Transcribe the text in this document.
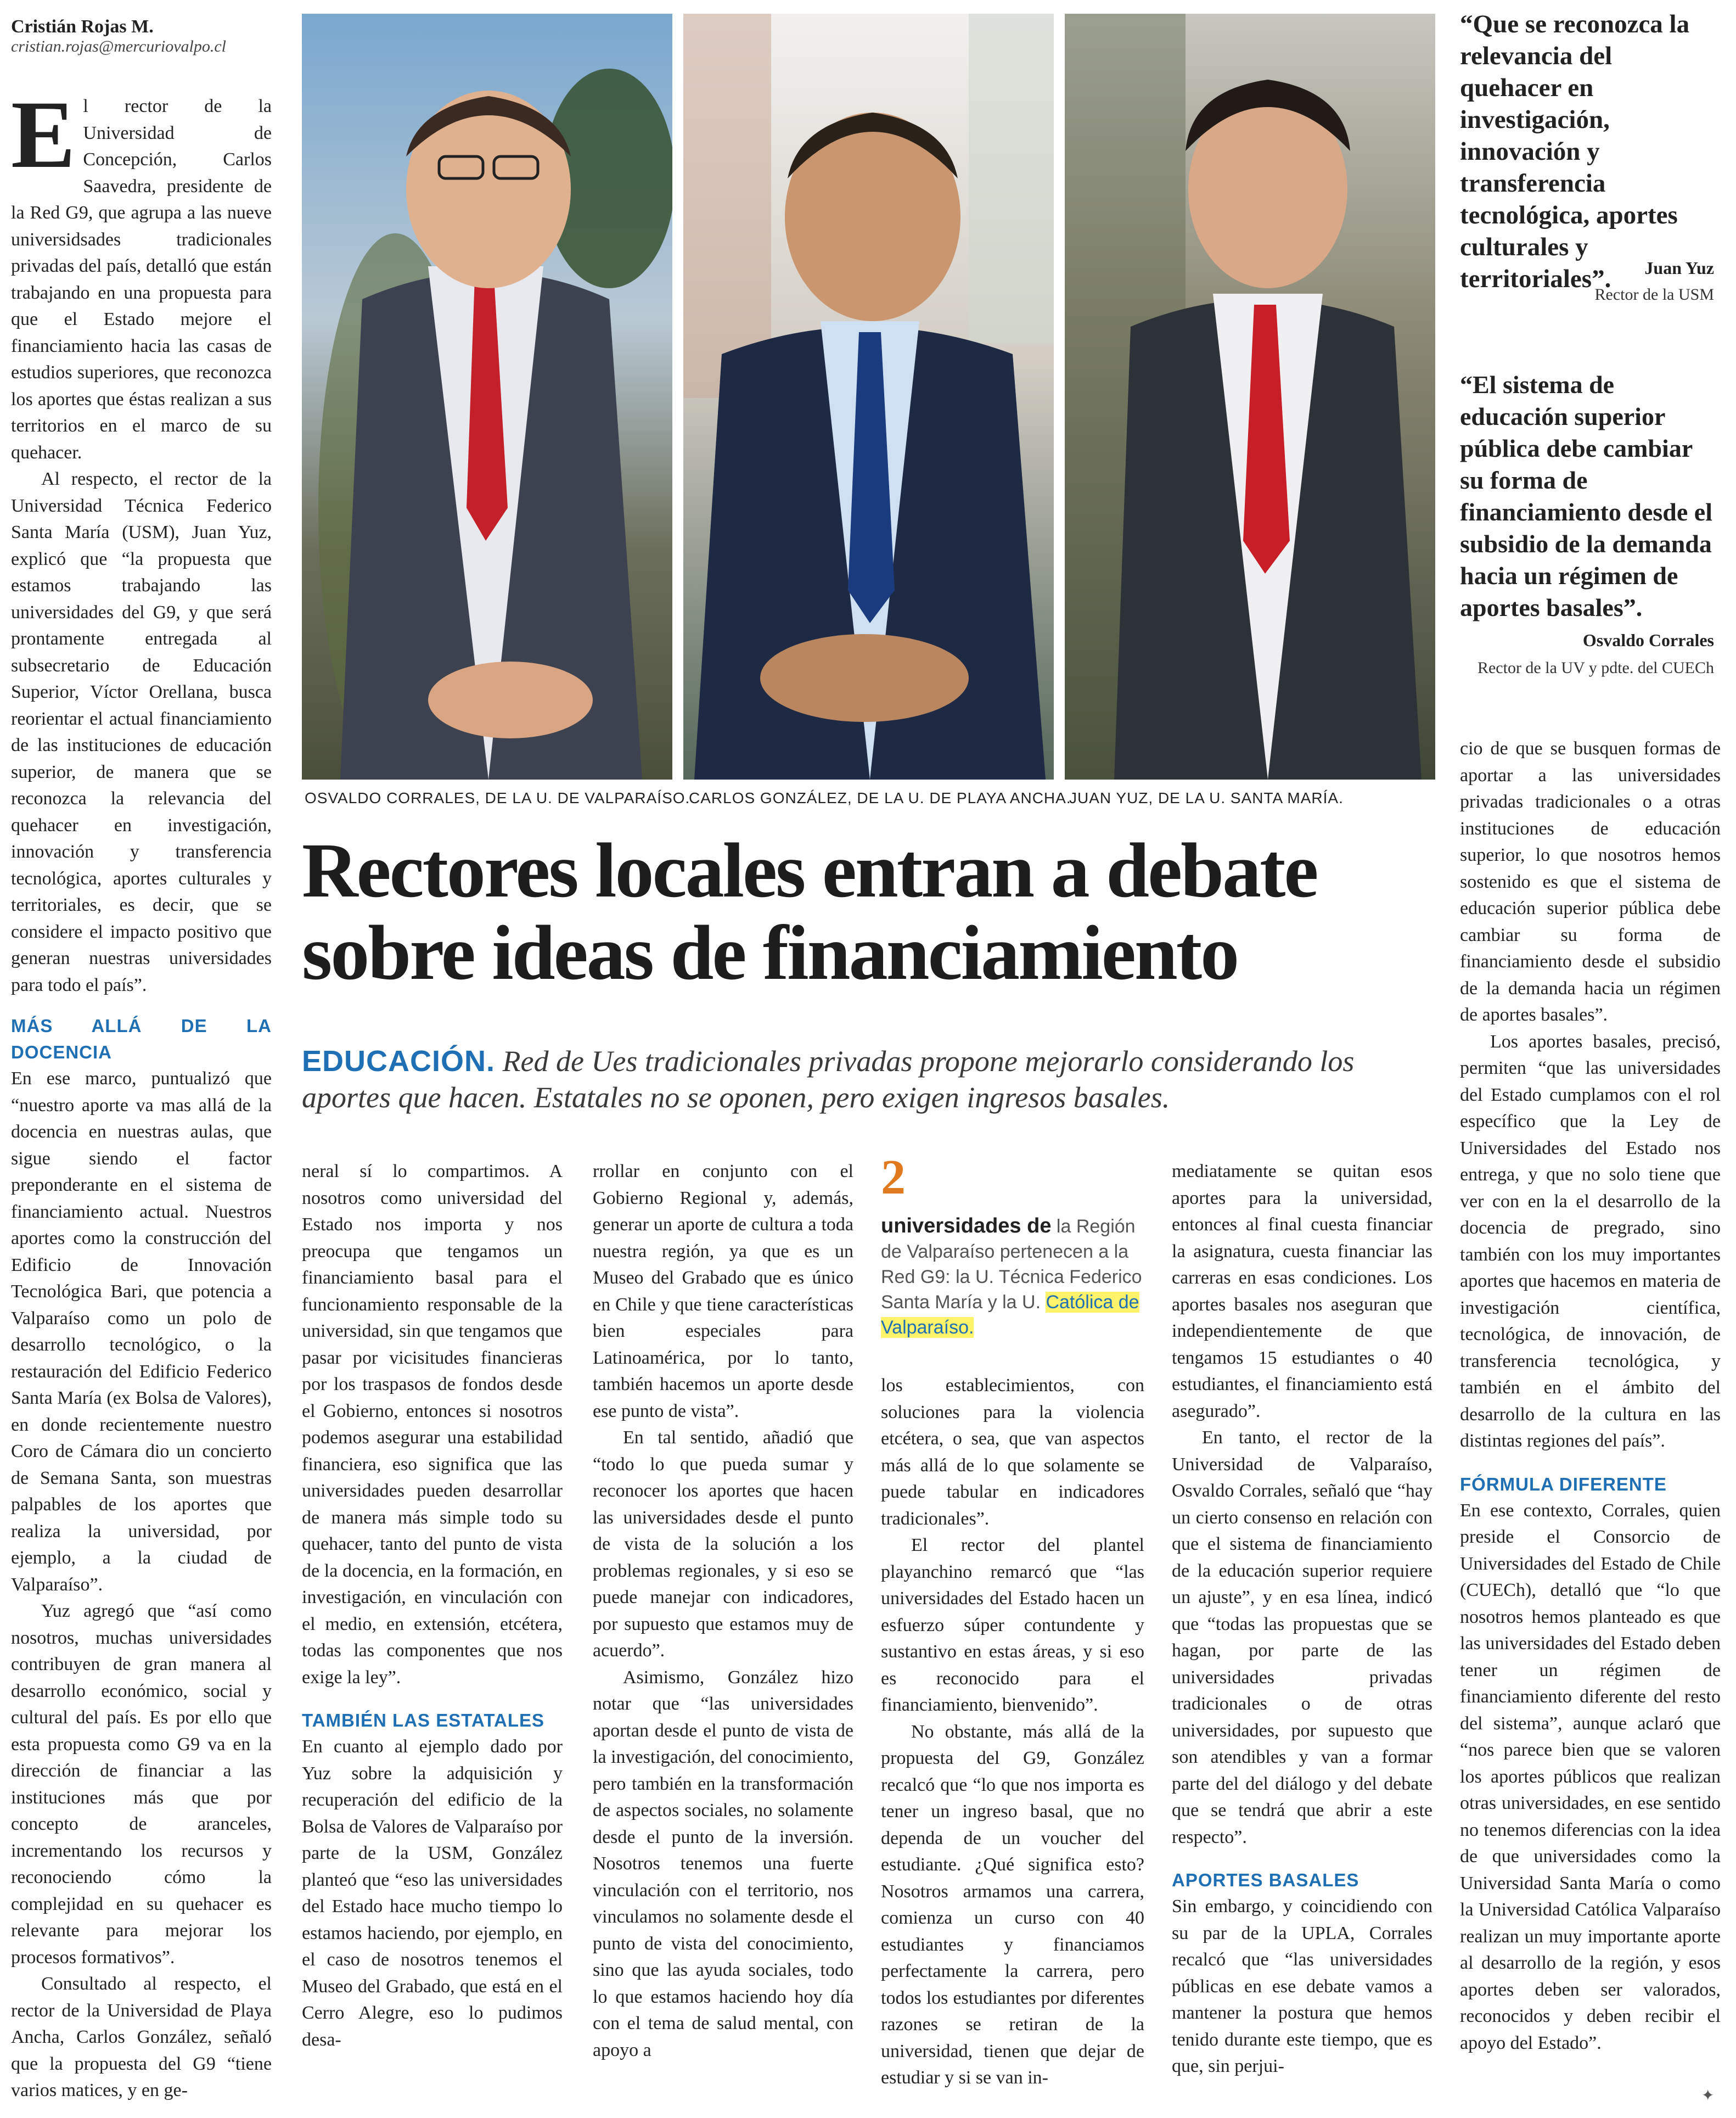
Cristián Rojas M.
cristian.rojas@mercuriovalpo.cl

El rector de la Universidad de Concepción, Carlos Saavedra, presidente de la Red G9, que agrupa a las nueve universidsades tradicionales privadas del país, detalló que están trabajando en una propuesta para que el Estado mejore el financiamiento hacia las casas de estudios superiores, que reconozca los aportes que éstas realizan a sus territorios en el marco de su quehacer.

Al respecto, el rector de la Universidad Técnica Federico Santa María (USM), Juan Yuz, explicó que “la propuesta que estamos trabajando las universidades del G9, y que será prontamente entregada al subsecretario de Educación Superior, Víctor Orellana, busca reorientar el actual financiamiento de las instituciones de educación superior, de manera que se reconozca la relevancia del quehacer en investigación, innovación y transferencia tecnológica, aportes culturales y territoriales, es decir, que se considere el impacto positivo que generan nuestras universidades para todo el país”.

MÁS ALLÁ DE LA DOCENCIA

En ese marco, puntualizó que “nuestro aporte va mas allá de la docencia en nuestras aulas, que sigue siendo el factor preponderante en el sistema de financiamiento actual. Nuestros aportes como la construcción del Edificio de Innovación Tecnológica Bari, que potencia a Valparaíso como un polo de desarrollo tecnológico, o la restauración del Edificio Federico Santa María (ex Bolsa de Valores), en donde recientemente nuestro Coro de Cámara dio un concierto de Semana Santa, son muestras palpables de los aportes que realiza la universidad, por ejemplo, a la ciudad de Valparaíso”.

Yuz agregó que “así como nosotros, muchas universidades contribuyen de gran manera al desarrollo económico, social y cultural del país. Es por ello que esta propuesta como G9 va en la dirección de financiar a las instituciones más que por concepto de aranceles, incrementando los recursos y reconociendo cómo la complejidad en su quehacer es relevante para mejorar los procesos formativos”.

Consultado al respecto, el rector de la Universidad de Playa Ancha, Carlos González, señaló que la propuesta del G9 “tiene varios matices, y en ge-

OSVALDO CORRALES, DE LA U. DE VALPARAÍSO.
CARLOS GONZÁLEZ, DE LA U. DE PLAYA ANCHA.
JUAN YUZ, DE LA U. SANTA MARÍA.
“Que se reconozca la relevancia del quehacer en investigación, innovación y transferencia tecnológica, aportes culturales y territoriales”.	Juan Yuz
Rector de la USM
“El sistema de educación superior pública debe cambiar su forma de financiamiento desde el subsidio de la demanda hacia un régimen de aportes basales”.
Osvaldo Corrales
Rector de la UV y pdte. del CUECh
Rectores locales entran a debate sobre ideas de financiamiento
EDUCACIÓN. Red de Ues tradicionales privadas propone mejorarlo considerando los aportes que hacen. Estatales no se oponen, pero exigen ingresos basales.

neral sí lo compartimos. A nosotros como universidad del Estado nos importa y nos preocupa que tengamos un financiamiento basal para el funcionamiento responsable de la universidad, sin que tengamos que pasar por vicisitudes financieras por los traspasos de fondos desde el Gobierno, entonces si nosotros podemos asegurar una estabilidad financiera, eso significa que las universidades pueden desarrollar de manera más simple todo su quehacer, tanto del punto de vista de la docencia, en la formación, en investigación, en vinculación con el medio, en extensión, etcétera, todas las componentes que nos exige la ley”.

TAMBIÉN LAS ESTATALES

En cuanto al ejemplo dado por Yuz sobre la adquisición y recuperación del edificio de la Bolsa de Valores de Valparaíso por parte de la USM, González planteó que “eso las universidades del Estado hace mucho tiempo lo estamos haciendo, por ejemplo, en el caso de nosotros tenemos el Museo del Grabado, que está en el Cerro Alegre, eso lo pudimos desa-

rrollar en conjunto con el Gobierno Regional y, además, generar un aporte de cultura a toda nuestra región, ya que es un Museo del Grabado que es único en Chile y que tiene características bien especiales para Latinoamérica, por lo tanto, también hacemos un aporte desde ese punto de vista”.

En tal sentido, añadió que “todo lo que pueda sumar y reconocer los aportes que hacen las universidades desde el punto de vista de la solución a los problemas regionales, y si eso se puede manejar con indicadores, por supuesto que estamos muy de acuerdo”.

Asimismo, González hizo notar que “las universidades aportan desde el punto de vista de la investigación, del conocimiento, pero también en la transformación de aspectos sociales, no solamente desde el punto de la inversión. Nosotros tenemos una fuerte vinculación con el territorio, nos vinculamos no solamente desde el punto de vista del conocimiento, sino que las ayuda sociales, todo lo que estamos haciendo hoy día con el tema de salud mental, con apoyo a

2
universidades de la Región de Valparaíso pertenecen a la Red G9: la U. Técnica Federico Santa María y la U. Católica de Valparaíso.

los establecimientos, con soluciones para la violencia etcétera, o sea, que van aspectos más allá de lo que solamente se puede tabular en indicadores tradicionales”.

El rector del plantel playanchino remarcó que “las universidades del Estado hacen un esfuerzo súper contundente y sustantivo en estas áreas, y si eso es reconocido para el financiamiento, bienvenido”.

No obstante, más allá de la propuesta del G9, González recalcó que “lo que nos importa es tener un ingreso basal, que no dependa de un voucher del estudiante. ¿Qué significa esto? Nosotros armamos una carrera, comienza un curso con 40 estudiantes y financiamos perfectamente la carrera, pero todos los estudiantes por diferentes razones se retiran de la universidad, tienen que dejar de estudiar y si se van in-

mediatamente se quitan esos aportes para la universidad, entonces al final cuesta financiar la asignatura, cuesta financiar las carreras en esas condiciones. Los aportes basales nos aseguran que independientemente de que tengamos 15 estudiantes o 40 estudiantes, el financiamiento está asegurado”.

En tanto, el rector de la Universidad de Valparaíso, Osvaldo Corrales, señaló que “hay un cierto consenso en relación con que el sistema de financiamiento de la educación superior requiere un ajuste”, y en esa línea, indicó que “todas las propuestas que se hagan, por parte de las universidades privadas tradicionales o de otras universidades, por supuesto que son atendibles y van a formar parte del del diálogo y del debate que se tendrá que abrir a este respecto”.

APORTES BASALES

Sin embargo, y coincidiendo con su par de la UPLA, Corrales recalcó que “las universidades públicas en ese debate vamos a mantener la postura que hemos tenido durante este tiempo, que es que, sin perjui-

cio de que se busquen formas de aportar a las universidades privadas tradicionales o a otras instituciones de educación superior, lo que nosotros hemos sostenido es que el sistema de educación superior pública debe cambiar su forma de financiamiento desde el subsidio de la demanda hacia un régimen de aportes basales”.

Los aportes basales, precisó, permiten “que las universidades del Estado cumplamos con el rol específico que la Ley de Universidades del Estado nos entrega, y que no solo tiene que ver con en la el desarrollo de la docencia de pregrado, sino también con los muy importantes aportes que hacemos en materia de investigación científica, tecnológica, de innovación, de transferencia tecnológica, y también en el ámbito del desarrollo de la cultura en las distintas regiones del país”.

FÓRMULA DIFERENTE

En ese contexto, Corrales, quien preside el Consorcio de Universidades del Estado de Chile (CUECh), detalló que “lo que nosotros hemos planteado es que las universidades del Estado deben tener un régimen de financiamiento diferente del resto del sistema”, aunque aclaró que “nos parece bien que se valoren los aportes públicos que realizan otras universidades, en ese sentido no tenemos diferencias con la idea de que universidades como la Universidad Santa María o como la Universidad Católica Valparaíso realizan un muy importante aporte al desarrollo de la región, y esos aportes deben ser valorados, reconocidos y deben recibir el apoyo del Estado”.

✦
